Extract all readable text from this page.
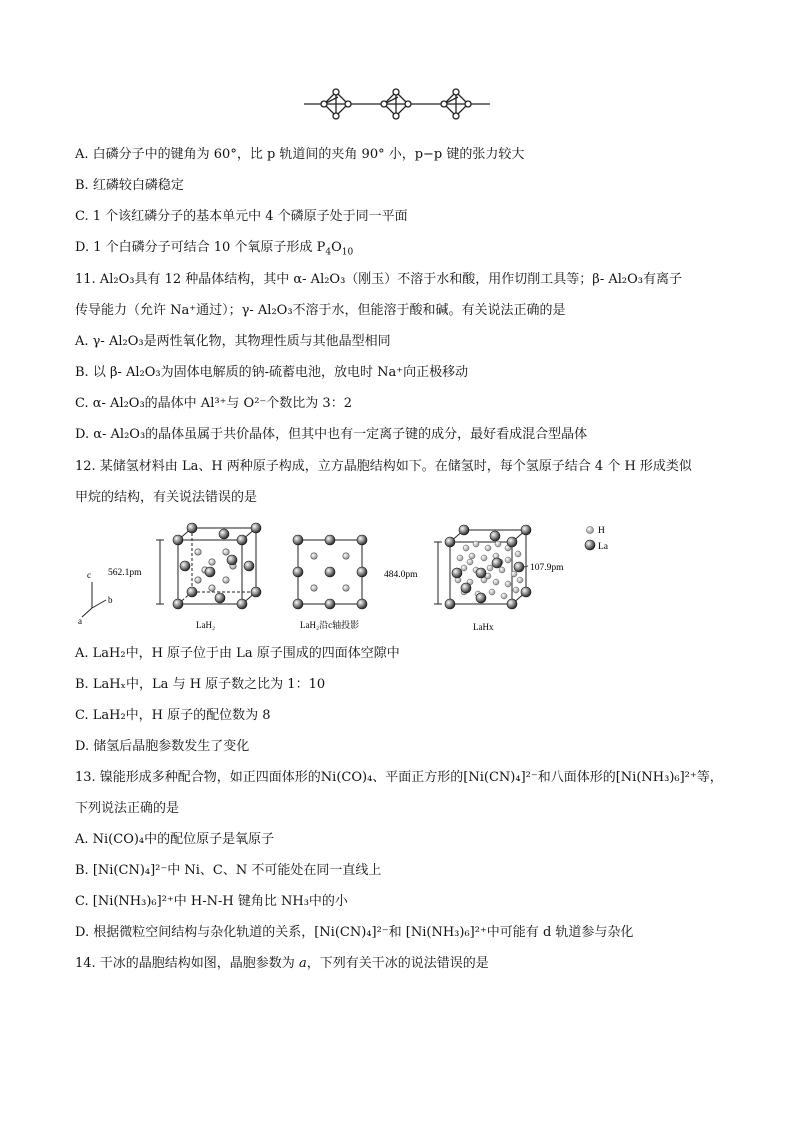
A. 白磷分子中的键角为 60°，比 p 轨道间的夹角 90° 小，p−p 键的张力较大
B. 红磷较白磷稳定
C. 1 个该红磷分子的基本单元中 4 个磷原子处于同一平面
D. 1 个白磷分子可结合 10 个氧原子形成 $P_4O_{10}$
11. Al₂O₃具有 12 种晶体结构，其中 α- Al₂O₃（刚玉）不溶于水和酸，用作切削工具等；β- Al₂O₃有离子
传导能力（允许 Na⁺通过）；γ- Al₂O₃不溶于水，但能溶于酸和碱。有关说法正确的是
A. γ- Al₂O₃是两性氧化物，其物理性质与其他晶型相同
B. 以 β- Al₂O₃为固体电解质的钠-硫蓄电池，放电时 Na⁺向正极移动
C. α- Al₂O₃的晶体中 Al³⁺与 O²⁻个数比为 3：2
D. α- Al₂O₃的晶体虽属于共价晶体，但其中也有一定离子键的成分，最好看成混合型晶体
12. 某储氢材料由 La、H 两种原子构成，立方晶胞结构如下。在储氢时，每个氢原子结合 4 个 H 形成类似
甲烷的结构，有关说法错误的是
c
b
a
562.1pm
LaH₂	LaH₂沿c轴投影
484.0pm
107.9pm
LaHx
H
La
A. LaH₂中，H 原子位于由 La 原子围成的四面体空隙中
B. LaHₓ中，La 与 H 原子数之比为 1：10
C. LaH₂中，H 原子的配位数为 8
D. 储氢后晶胞参数发生了变化
13. 镍能形成多种配合物，如正四面体形的Ni(CO)₄、平面正方形的[Ni(CN)₄]²⁻和八面体形的[Ni(NH₃)₆]²⁺等，
下列说法正确的是
A. Ni(CO)₄中的配位原子是氧原子
B. [Ni(CN)₄]²⁻中 Ni、C、N 不可能处在同一直线上
C. [Ni(NH₃)₆]²⁺中 H-N-H 键角比 NH₃中的小
D. 根据微粒空间结构与杂化轨道的关系，[Ni(CN)₄]²⁻和 [Ni(NH₃)₆]²⁺中可能有 d 轨道参与杂化
14. 干冰的晶胞结构如图，晶胞参数为 a，下列有关干冰的说法错误的是
